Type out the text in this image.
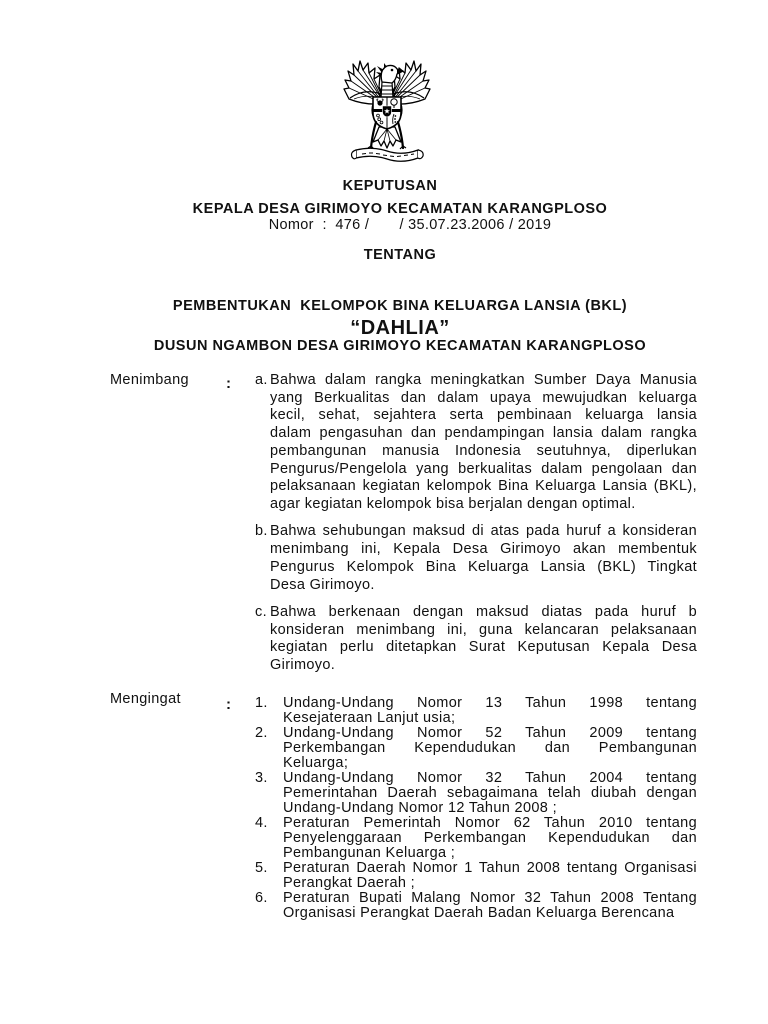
KEPUTUSAN
KEPALA DESA GIRIMOYO KECAMATAN KARANGPLOSO
Nomor  :  476 /       / 35.07.23.2006 / 2019
TENTANG
PEMBENTUKAN  KELOMPOK BINA KELUARGA LANSIA (BKL)
“DAHLIA”
DUSUN NGAMBON DESA GIRIMOYO KECAMATAN KARANGPLOSO
Menimbang : a. Bahwa dalam rangka meningkatkan Sumber Daya Manusia
yang Berkualitas dan dalam upaya mewujudkan keluarga
kecil, sehat, sejahtera serta pembinaan keluarga lansia
dalam pengasuhan dan pendampingan lansia dalam rangka
pembangunan manusia Indonesia seutuhnya, diperlukan
Pengurus/Pengelola yang berkualitas dalam pengolaan dan
pelaksanaan kegiatan kelompok Bina Keluarga Lansia (BKL),
agar kegiatan kelompok bisa berjalan dengan optimal.
b. Bahwa sehubungan maksud di atas pada huruf a konsideran
menimbang ini, Kepala Desa Girimoyo akan membentuk
Pengurus Kelompok Bina Keluarga Lansia (BKL) Tingkat
Desa Girimoyo.
c. Bahwa berkenaan dengan maksud diatas pada huruf b
konsideran menimbang ini, guna kelancaran pelaksanaan
kegiatan perlu ditetapkan Surat Keputusan Kepala Desa
Girimoyo.
Mengingat	: 1.	Undang-Undang Nomor 13 Tahun 1998 tentang
Kesejateraan Lanjut usia;
2.	Undang-Undang Nomor 52 Tahun 2009 tentang
Perkembangan Kependudukan dan Pembangunan
Keluarga;
3.	Undang-Undang Nomor 32 Tahun 2004 tentang
Pemerintahan Daerah sebagaimana telah diubah dengan
Undang-Undang Nomor 12 Tahun 2008 ;
4.	Peraturan Pemerintah Nomor 62 Tahun 2010 tentang
Penyelenggaraan Perkembangan Kependudukan dan
Pembangunan Keluarga ;
5.	Peraturan Daerah Nomor 1 Tahun 2008 tentang Organisasi
Perangkat Daerah ;
6.	Peraturan Bupati Malang Nomor 32 Tahun 2008 Tentang
Organisasi Perangkat Daerah Badan Keluarga Berencana
